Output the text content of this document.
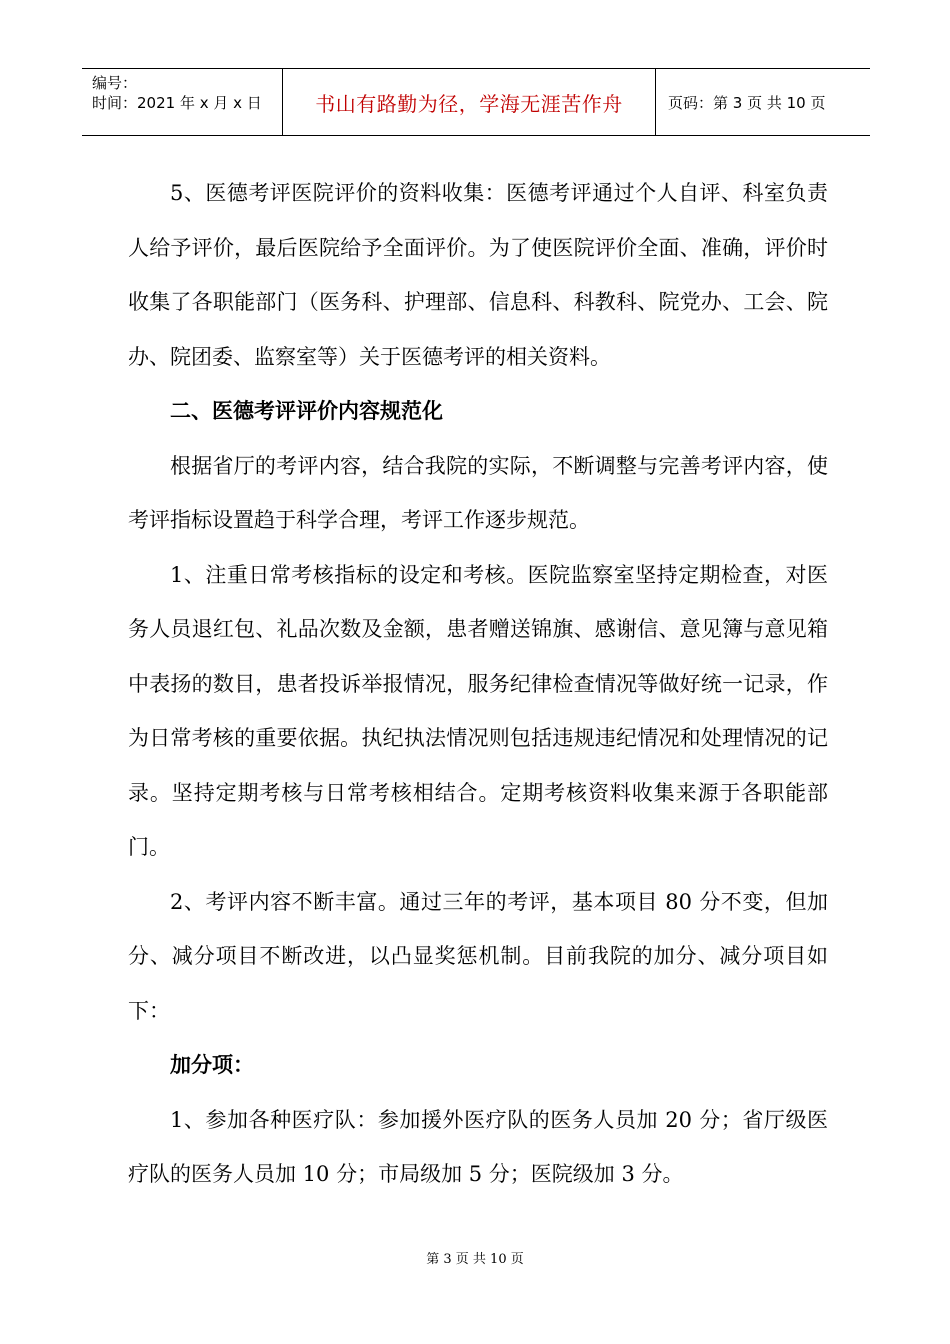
编号：
时间：2021 年 x 月 x 日	书山有路勤为径，学海无涯苦作舟	页码：第 3 页 共 10 页

5、医德考评医院评价的资料收集：医德考评通过个人自评、科室负责人给予评价，最后医院给予全面评价。为了使医院评价全面、准确，评价时收集了各职能部门（医务科、护理部、信息科、科教科、院党办、工会、院办、院团委、监察室等）关于医德考评的相关资料。

二、医德考评评价内容规范化

根据省厅的考评内容，结合我院的实际，不断调整与完善考评内容，使考评指标设置趋于科学合理，考评工作逐步规范。

1、注重日常考核指标的设定和考核。医院监察室坚持定期检查，对医务人员退红包、礼品次数及金额，患者赠送锦旗、感谢信、意见簿与意见箱中表扬的数目，患者投诉举报情况，服务纪律检查情况等做好统一记录，作为日常考核的重要依据。执纪执法情况则包括违规违纪情况和处理情况的记录。坚持定期考核与日常考核相结合。定期考核资料收集来源于各职能部门。

2、考评内容不断丰富。通过三年的考评，基本项目 80 分不变，但加分、减分项目不断改进，以凸显奖惩机制。目前我院的加分、减分项目如下：

加分项：

1、参加各种医疗队：参加援外医疗队的医务人员加 20 分；省厅级医疗队的医务人员加 10 分；市局级加 5 分；医院级加 3 分。

第 3 页 共 10 页
